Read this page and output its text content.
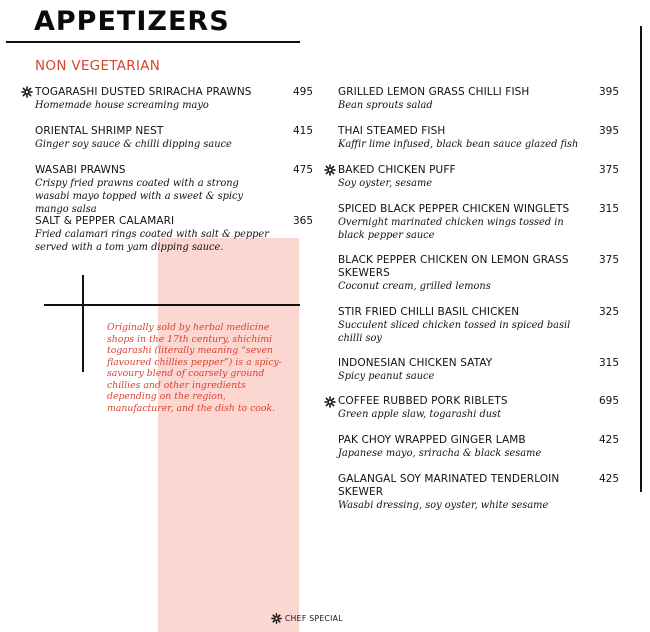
APPETIZERS
NON VEGETARIAN

Originally sold by herbal medicine shops in the 17th century, shichimi togarashi (literally meaning “seven flavoured chillies pepper”) is a spicy-savoury blend of coarsely ground chillies and other ingredients depending on the region, manufacturer, and the dish to cook.

TOGARASHI DUSTED SRIRACHA PRAWNS
Homemade house screaming mayo
495
ORIENTAL SHRIMP NEST
Ginger soy sauce & chilli dipping sauce
415
WASABI PRAWNS
Crispy fried prawns coated with a strong wasabi mayo topped with a sweet & spicy mango salsa
475
SALT & PEPPER CALAMARI
Fried calamari rings coated with salt & pepper served with a tom yam dipping sauce.
365
GRILLED LEMON GRASS CHILLI FISH
Bean sprouts salad
395
THAI STEAMED FISH
Kaffir lime infused, black bean sauce glazed fish
395
BAKED CHICKEN PUFF
Soy oyster, sesame
375
SPICED BLACK PEPPER CHICKEN WINGLETS
Overnight marinated chicken wings tossed in black pepper sauce
315
BLACK PEPPER CHICKEN ON LEMON GRASS SKEWERS
Coconut cream, grilled lemons
375
STIR FRIED CHILLI BASIL CHICKEN
Succulent sliced chicken tossed in spiced basil chilli soy
325
INDONESIAN CHICKEN SATAY
Spicy peanut sauce
315
COFFEE RUBBED PORK RIBLETS
Green apple slaw, togarashi dust
695
PAK CHOY WRAPPED GINGER LAMB
Japanese mayo, sriracha & black sesame
425
GALANGAL SOY MARINATED TENDERLOIN SKEWER
Wasabi dressing, soy oyster, white sesame
425
CHEF SPECIAL
